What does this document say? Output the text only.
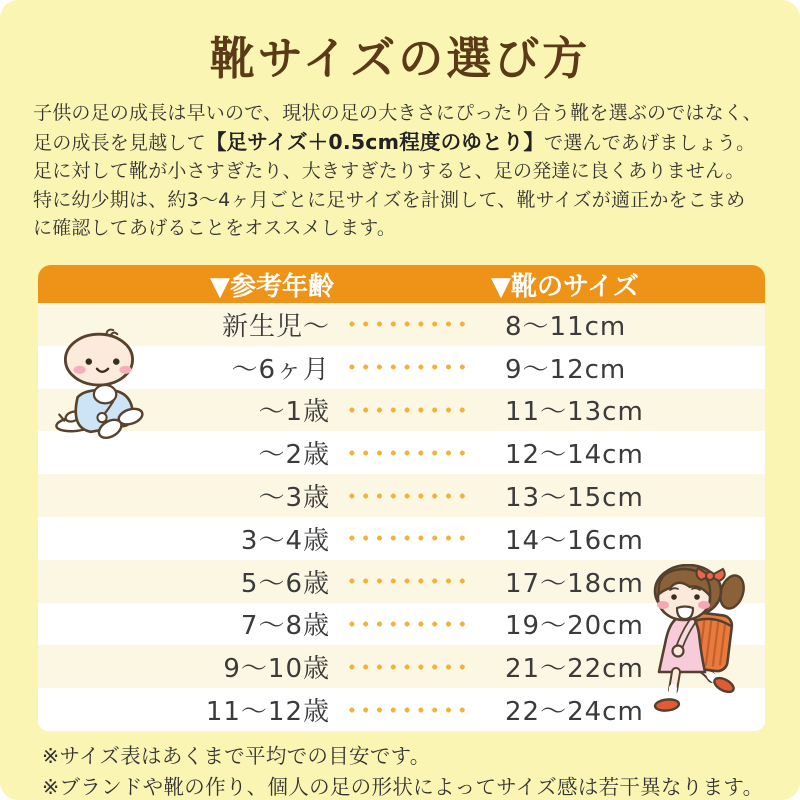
靴サイズの選び方
子供の足の成長は早いので、現状の足の大きさにぴったり合う靴を選ぶのではなく、
足の成長を見越して【足サイズ＋0.5cm程度のゆとり】で選んであげましょう。
足に対して靴が小さすぎたり、大きすぎたりすると、足の発達に良くありません。
特に幼少期は、約3〜4ヶ月ごとに足サイズを計測して、靴サイズが適正かをこまめ
に確認してあげることをオススメします。
▼参考年齢	▼靴のサイズ
新生児〜	8〜11cm
〜6ヶ月	9〜12cm
〜1歳	11〜13cm
〜2歳	12〜14cm
〜3歳	13〜15cm
3〜4歳	14〜16cm
5〜6歳	17〜18cm
7〜8歳	19〜20cm
9〜10歳	21〜22cm
11〜12歳	22〜24cm
※サイズ表はあくまで平均での目安です。
※ブランドや靴の作り、個人の足の形状によってサイズ感は若干異なります。
